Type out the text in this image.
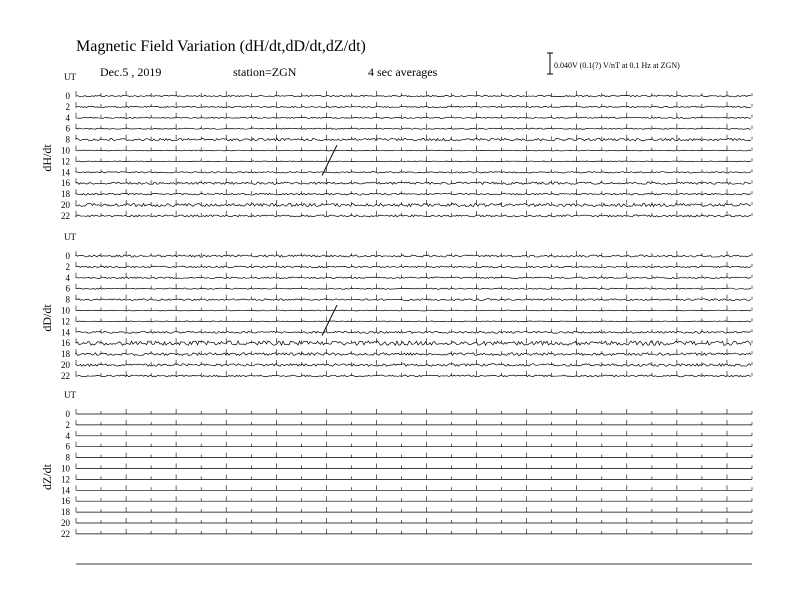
Magnetic Field Variation (dH/dt,dD/dt,dZ/dt)
Dec.5 , 2019	station=ZGN	4 sec averages	0.040V (0.1(?) V/nT at 0.1 Hz at ZGN)
UT
dH/dt
0
2
4
6
8
10
12
14
16
18
20
22
UT
dD/dt
0
2
4
6
8
10
12
14
16
18
20
22
UT
dZ/dt
0
2
4
6
8
10
12
14
16
18
20
22
